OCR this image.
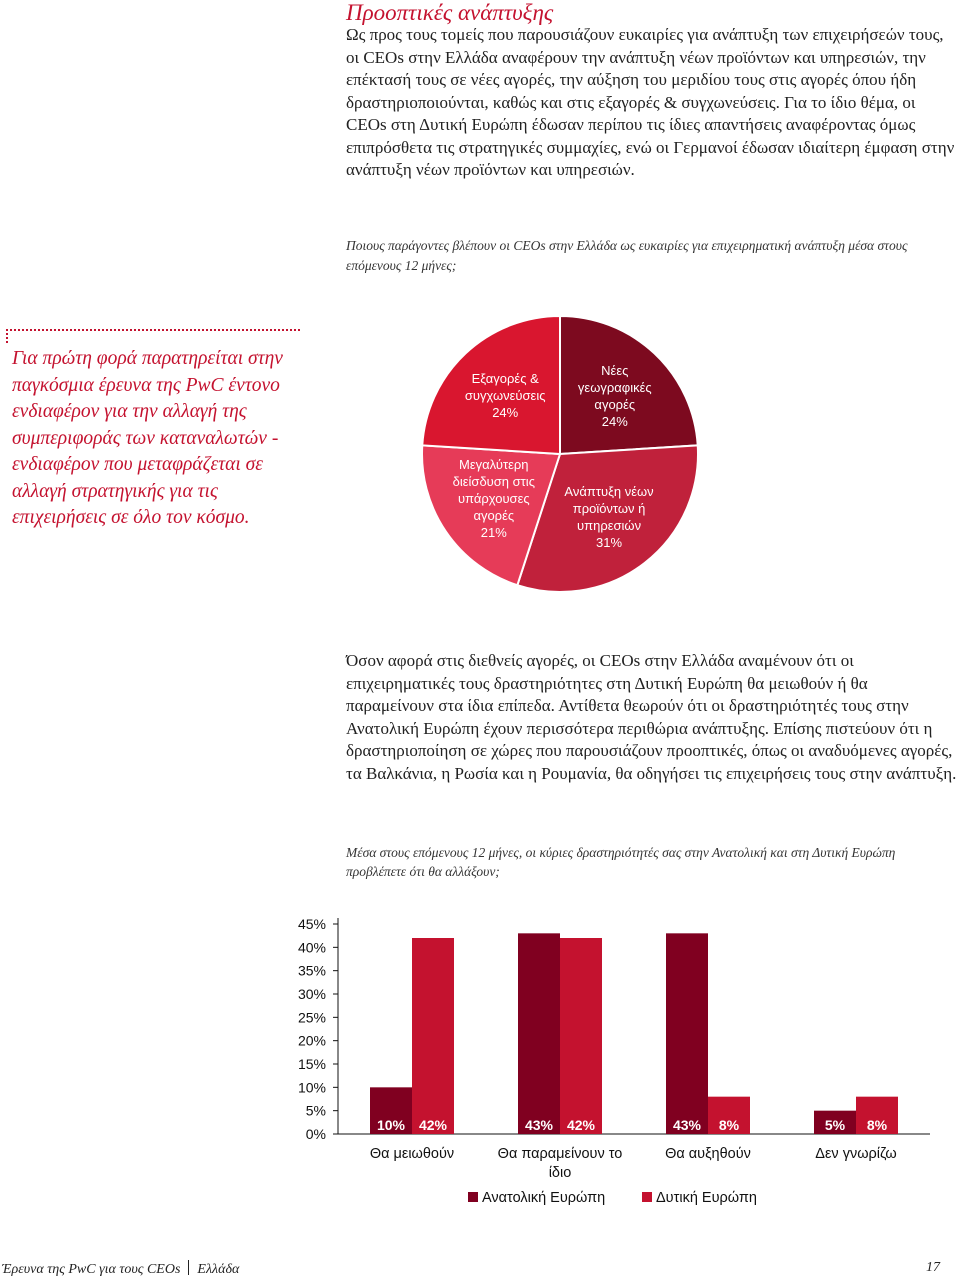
Προοπτικές ανάπτυξης

Ως προς τους τομείς που παρουσιάζουν ευκαιρίες για ανάπτυξη των επιχειρήσεών τους, οι CEOs στην Ελλάδα αναφέρουν την ανάπτυξη νέων προϊόντων και υπηρεσιών, την επέκτασή τους σε νέες αγορές, την αύξηση του μεριδίου τους στις αγορές όπου ήδη δραστηριοποιούνται, καθώς και στις εξαγορές & συγχωνεύσεις. Για το ίδιο θέμα, οι CEOs στη Δυτική Ευρώπη έδωσαν περίπου τις ίδιες απαντήσεις αναφέροντας όμως επιπρόσθετα τις στρατηγικές συμμαχίες, ενώ οι Γερμανοί έδωσαν ιδιαίτερη έμφαση στην ανάπτυξη νέων προϊόντων και υπηρεσιών.

Ποιους παράγοντες βλέπουν οι CEOs στην Ελλάδα ως ευκαιρίες για επιχειρηματική ανάπτυξη μέσα στους επόμενους 12 μήνες;

Για πρώτη φορά παρατηρείται στην παγκόσμια έρευνα της PwC έντονο ενδιαφέρον για την αλλαγή της συμπεριφοράς των καταναλωτών - ενδιαφέρον που μεταφράζεται σε αλλαγή στρατηγικής για τις επιχειρήσεις σε όλο τον κόσμο.

Νέες
γεωγραφικές
αγορές
24%
Ανάπτυξη νέων
προϊόντων ή
υπηρεσιών
31%
Μεγαλύτερη
διείσδυση στις
υπάρχουσες
αγορές
21%
Εξαγορές &
συγχωνεύσεις
24%

Όσον αφορά στις διεθνείς αγορές, οι CEOs στην Ελλάδα αναμένουν ότι οι επιχειρηματικές τους δραστηριότητες στη Δυτική Ευρώπη θα μειωθούν ή θα παραμείνουν στα ίδια επίπεδα. Αντίθετα θεωρούν ότι οι δραστηριότητές τους στην Ανατολική Ευρώπη έχουν περισσότερα περιθώρια ανάπτυξης. Επίσης πιστεύουν ότι η δραστηριοποίηση σε χώρες που παρουσιάζουν προοπτικές, όπως οι αναδυόμενες αγορές, τα Βαλκάνια, η Ρωσία και η Ρουμανία, θα οδηγήσει τις επιχειρήσεις τους στην ανάπτυξη.

Μέσα στους επόμενους 12 μήνες, οι κύριες δραστηριότητές σας στην Ανατολική και στη Δυτική Ευρώπη προβλέπετε ότι θα αλλάξουν;

45%
40%
35%
30%
25%
20%
15%
10%
5%
0%
10% 42%
Θα μειωθούν
43% 42%
Θα παραμείνουν το
ίδιο
43% 8%
Θα αυξηθούν
5% 8%
Δεν γνωρίζω
Ανατολική Ευρώπη	Δυτική Ευρώπη
Έρευνα της PwC για τους CEOs Ελλάδα	17
